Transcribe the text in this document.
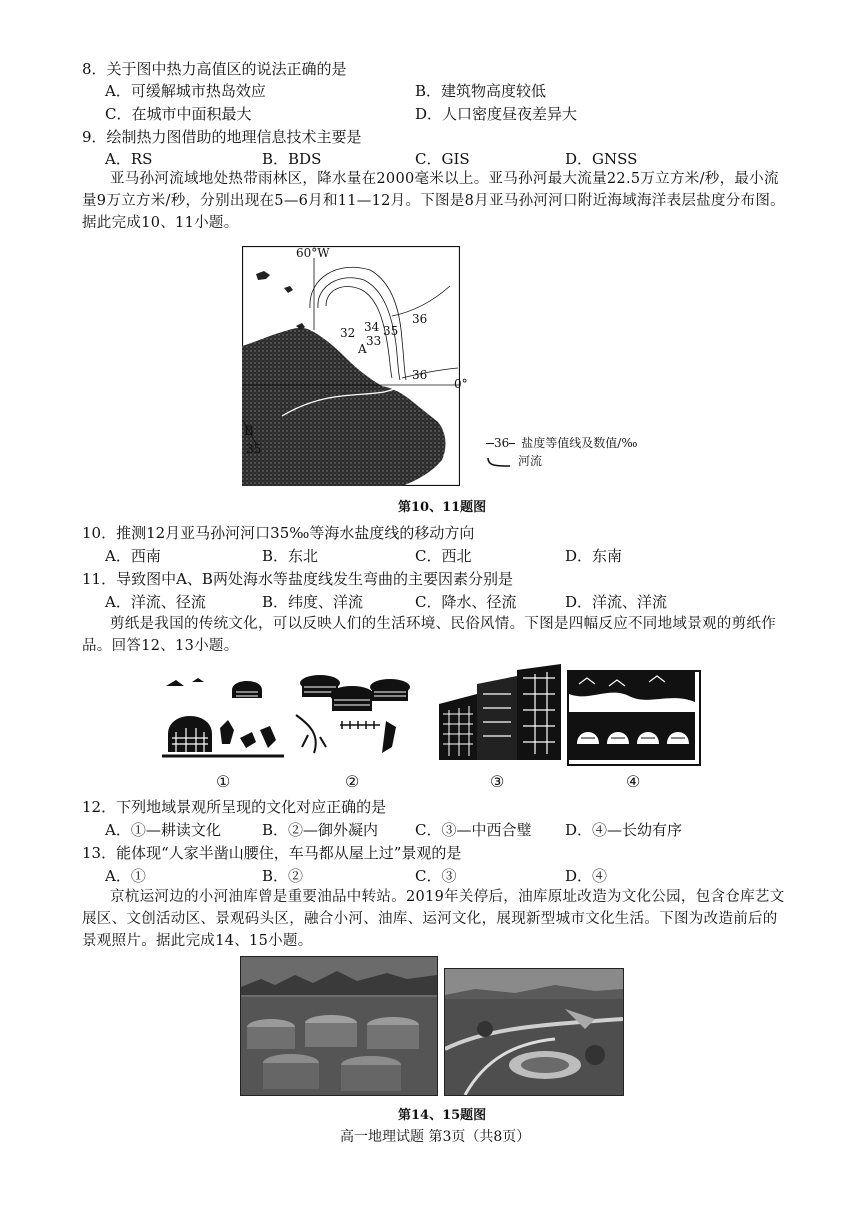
8．关于图中热力高值区的说法正确的是
A．可缓解城市热岛效应	B．建筑物高度较低
C．在城市中面积最大	D．人口密度昼夜差异大
9．绘制热力图借助的地理信息技术主要是
A．RS	B．BDS	C．GIS	D．GNSS
亚马孙河流域地处热带雨林区，降水量在2000毫米以上。亚马孙河最大流量22.5万立方米/秒，最小流量9万立方米/秒，分别出现在5—6月和11—12月。下图是8月亚马孙河河口附近海域海洋表层盐度分布图。据此完成10、11小题。
60°W
0°
32 34 35
33
36
36
35
A
B
36 盐度等值线及数值/‰
河流
第10、11题图
10．推测12月亚马孙河河口35‰等海水盐度线的移动方向
A．西南	B．东北	C．西北	D．东南
11．导致图中A、B两处海水等盐度线发生弯曲的主要因素分别是
A．洋流、径流	B．纬度、洋流	C．降水、径流	D．洋流、洋流
剪纸是我国的传统文化，可以反映人们的生活环境、民俗风情。下图是四幅反应不同地域景观的剪纸作品。回答12、13小题。
①	②	③	④
12．下列地域景观所呈现的文化对应正确的是
A．①—耕读文化	B．②—御外凝内 C．③—中西合璧 D．④—长幼有序
13．能体现“人家半凿山腰住，车马都从屋上过”景观的是
A．①	B．②	C．③	D．④
京杭运河边的小河油库曾是重要油品中转站。2019年关停后，油库原址改造为文化公园，包含仓库艺文展区、文创活动区、景观码头区，融合小河、油库、运河文化，展现新型城市文化生活。下图为改造前后的景观照片。据此完成14、15小题。
第14、15题图
高一地理试题 第3页（共8页）
